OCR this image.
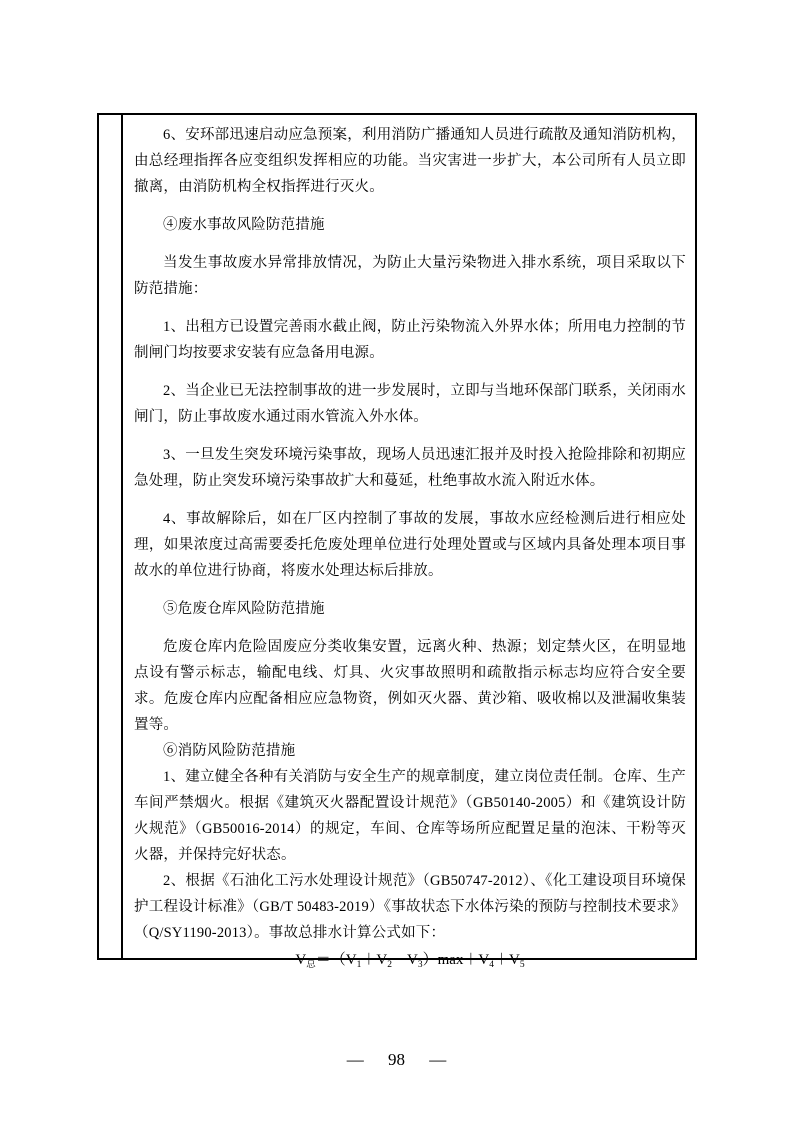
6、安环部迅速启动应急预案，利用消防广播通知人员进行疏散及通知消防机构，由总经理指挥各应变组织发挥相应的功能。当灾害进一步扩大，本公司所有人员立即撤离，由消防机构全权指挥进行灭火。

④废水事故风险防范措施

当发生事故废水异常排放情况，为防止大量污染物进入排水系统，项目采取以下防范措施：

1、出租方已设置完善雨水截止阀，防止污染物流入外界水体；所用电力控制的节制闸门均按要求安装有应急备用电源。

2、当企业已无法控制事故的进一步发展时，立即与当地环保部门联系，关闭雨水闸门，防止事故废水通过雨水管流入外水体。

3、一旦发生突发环境污染事故，现场人员迅速汇报并及时投入抢险排除和初期应急处理，防止突发环境污染事故扩大和蔓延，杜绝事故水流入附近水体。

4、事故解除后，如在厂区内控制了事故的发展，事故水应经检测后进行相应处理，如果浓度过高需要委托危废处理单位进行处理处置或与区域内具备处理本项目事故水的单位进行协商，将废水处理达标后排放。

⑤危废仓库风险防范措施

危废仓库内危险固废应分类收集安置，远离火种、热源；划定禁火区，在明显地点设有警示标志，输配电线、灯具、火灾事故照明和疏散指示标志均应符合安全要求。危废仓库内应配备相应应急物资，例如灭火器、黄沙箱、吸收棉以及泄漏收集装置等。

⑥消防风险防范措施

1、建立健全各种有关消防与安全生产的规章制度，建立岗位责任制。仓库、生产车间严禁烟火。根据《建筑灭火器配置设计规范》（GB50140-2005）和《建筑设计防火规范》（GB50016-2014）的规定，车间、仓库等场所应配置足量的泡沫、干粉等灭火器，并保持完好状态。

2、根据《石油化工污水处理设计规范》（GB50747-2012）、《化工建设项目环境保护工程设计标准》（GB/T 50483-2019）《事故状态下水体污染的预防与控制技术要求》（Q/SY1190-2013）。事故总排水计算公式如下：

$V_总=(V_1+V_2-V_3)\max+V_4+V_5$
— 98 —
